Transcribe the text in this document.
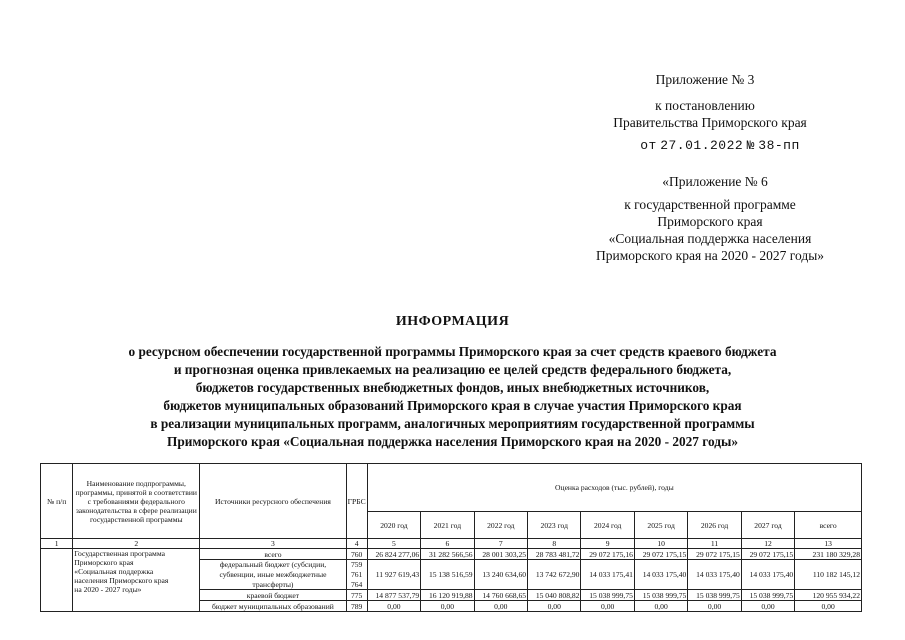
Приложение № 3
к постановлению
Правительства Приморского края
от 27.01.2022 № 38-пп
«Приложение № 6
к государственной программе
Приморского края
«Социальная поддержка населения
Приморского края на 2020 - 2027 годы»
ИНФОРМАЦИЯ
о ресурсном обеспечении государственной программы Приморского края за счет средств краевого бюджета
и прогнозная оценка привлекаемых на реализацию ее целей средств федерального бюджета,
бюджетов государственных внебюджетных фондов, иных внебюджетных источников,
бюджетов муниципальных образований Приморского края в случае участия Приморского края
в реализации муниципальных программ, аналогичных мероприятиям государственной программы
Приморского края «Социальная поддержка населения Приморского края на 2020 - 2027 годы»
№ п/п	Наименование подпрограммы, программы, принятой в соответствии с требованиями федерального законодательства в сфере реализации государственной программы	Источники ресурсного обеспечения	ГРБС	Оценка расходов (тыс. рублей), годы								
				2020 год	2021 год	2022 год	2023 год	2024 год	2025 год	2026 год	2027 год	всего
1	2	3	4	5	6	7	8	9	10	11	12	13

	Государственная программа
Приморского края
«Социальная поддержка
населения Приморского края
на 2020 - 2027 годы»	всего	760	26 824 277,06	31 282 566,56	28 001 303,25	28 783 481,72	29 072 175,16	29 072 175,15	29 072 175,15	29 072 175,15	231 180 329,28
		федеральный бюджет (субсидии,	759	11 927 619,43	15 138 516,59	13 240 634,60	13 742 672,90	14 033 175,41	14 033 175,40	14 033 175,40	14 033 175,40	110 182 145,12
		субвенции, иные межбюджетные	761									
		трансферты)	764									
		краевой бюджет	775	14 877 537,79	16 120 919,88	14 760 668,65	15 040 808,82	15 038 999,75	15 038 999,75	15 038 999,75	15 038 999,75	120 955 934,22
		бюджет муниципальных образований	789	0,00	0,00	0,00	0,00	0,00	0,00	0,00	0,00	0,00
